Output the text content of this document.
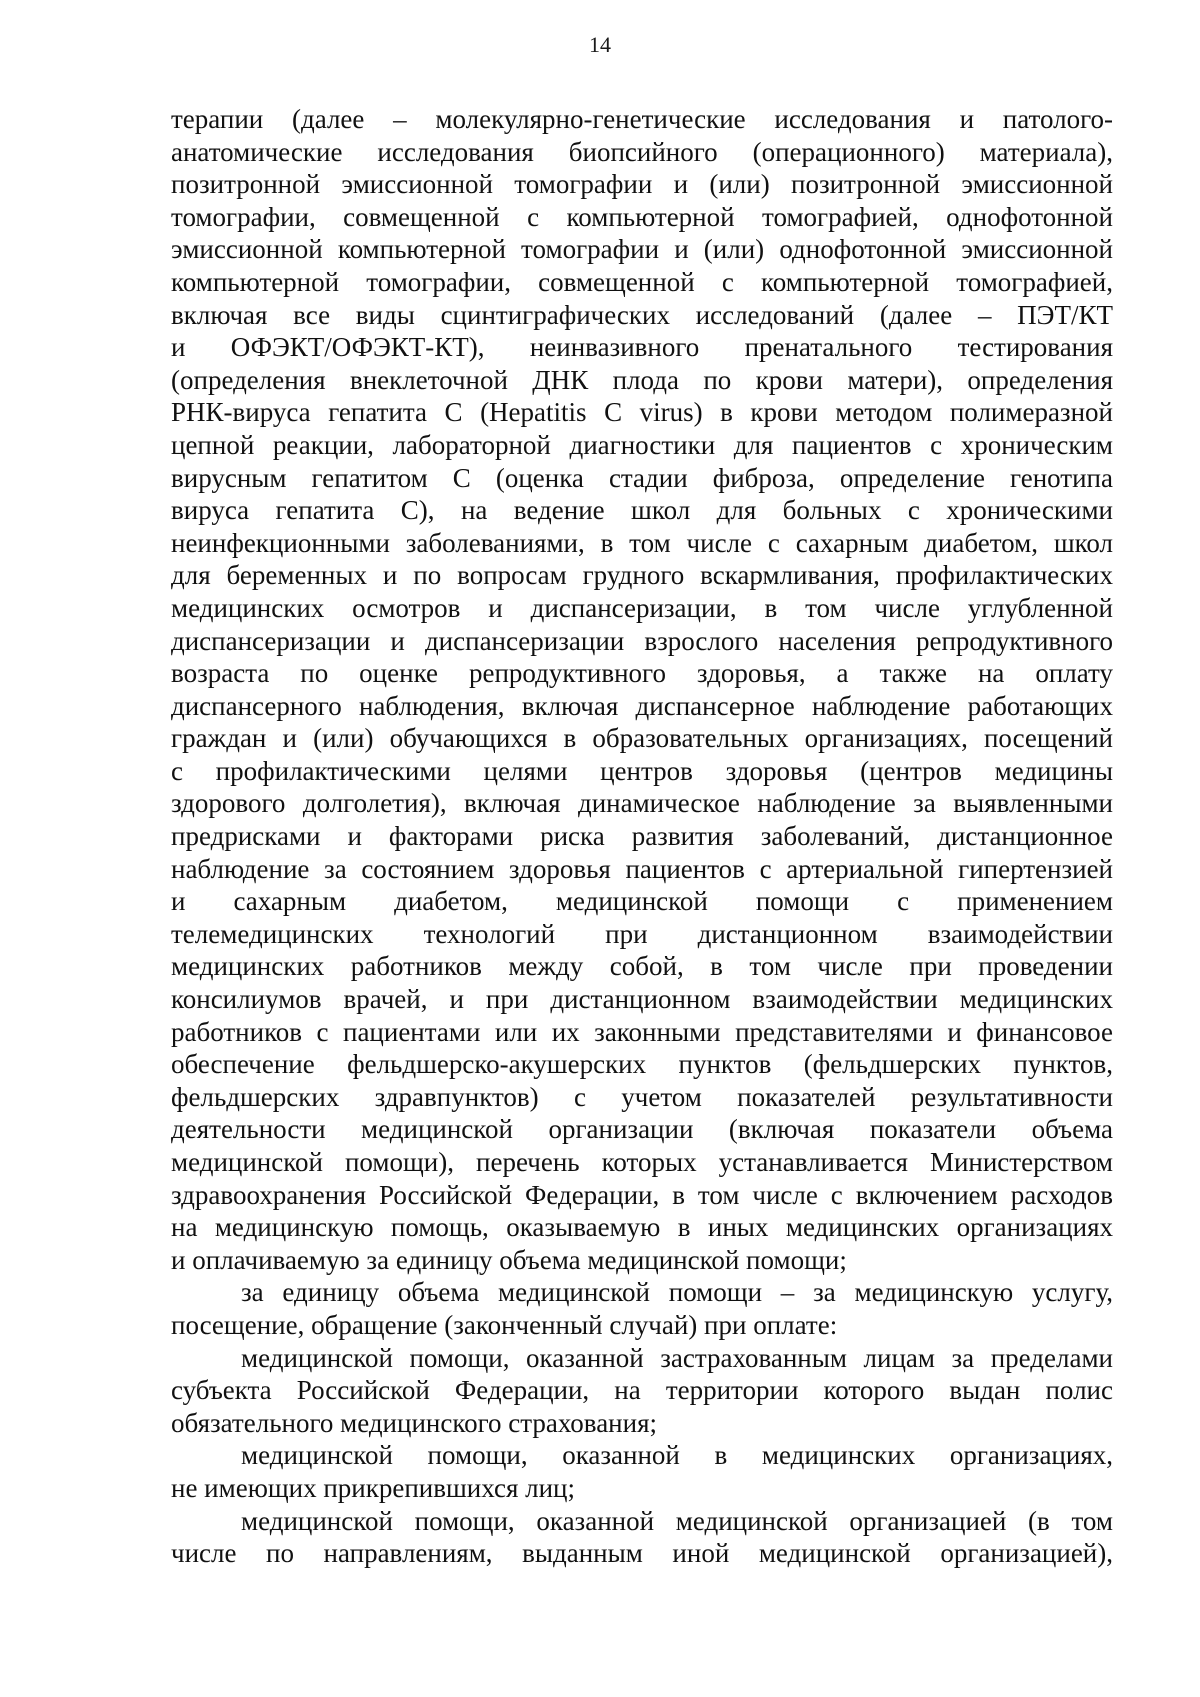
14
терапии (далее – молекулярно-генетические исследования и патолого-
анатомические исследования биопсийного (операционного) материала),
позитронной эмиссионной томографии и (или) позитронной эмиссионной
томографии, совмещенной с компьютерной томографией, однофотонной
эмиссионной компьютерной томографии и (или) однофотонной эмиссионной
компьютерной томографии, совмещенной с компьютерной томографией,
включая все виды сцинтиграфических исследований (далее – ПЭТ/КТ
и ОФЭКТ/ОФЭКТ-КТ), неинвазивного пренатального тестирования
(определения внеклеточной ДНК плода по крови матери), определения
РНК-вируса гепатита С (Hepatitis C virus) в крови методом полимеразной
цепной реакции, лабораторной диагностики для пациентов с хроническим
вирусным гепатитом С (оценка стадии фиброза, определение генотипа
вируса гепатита С), на ведение школ для больных с хроническими
неинфекционными заболеваниями, в том числе с сахарным диабетом, школ
для беременных и по вопросам грудного вскармливания, профилактических
медицинских осмотров и диспансеризации, в том числе углубленной
диспансеризации и диспансеризации взрослого населения репродуктивного
возраста по оценке репродуктивного здоровья, а также на оплату
диспансерного наблюдения, включая диспансерное наблюдение работающих
граждан и (или) обучающихся в образовательных организациях, посещений
с профилактическими целями центров здоровья (центров медицины
здорового долголетия), включая динамическое наблюдение за выявленными
предрисками и факторами риска развития заболеваний, дистанционное
наблюдение за состоянием здоровья пациентов с артериальной гипертензией
и сахарным диабетом, медицинской помощи с применением
телемедицинских технологий при дистанционном взаимодействии
медицинских работников между собой, в том числе при проведении
консилиумов врачей, и при дистанционном взаимодействии медицинских
работников с пациентами или их законными представителями и финансовое
обеспечение фельдшерско-акушерских пунктов (фельдшерских пунктов,
фельдшерских здравпунктов) с учетом показателей результативности
деятельности медицинской организации (включая показатели объема
медицинской помощи), перечень которых устанавливается Министерством
здравоохранения Российской Федерации, в том числе с включением расходов
на медицинскую помощь, оказываемую в иных медицинских организациях
и оплачиваемую за единицу объема медицинской помощи;
за единицу объема медицинской помощи – за медицинскую услугу,
посещение, обращение (законченный случай) при оплате:
медицинской помощи, оказанной застрахованным лицам за пределами
субъекта Российской Федерации, на территории которого выдан полис
обязательного медицинского страхования;
медицинской помощи, оказанной в медицинских организациях,
не имеющих прикрепившихся лиц;
медицинской помощи, оказанной медицинской организацией (в том
числе по направлениям, выданным иной медицинской организацией),
